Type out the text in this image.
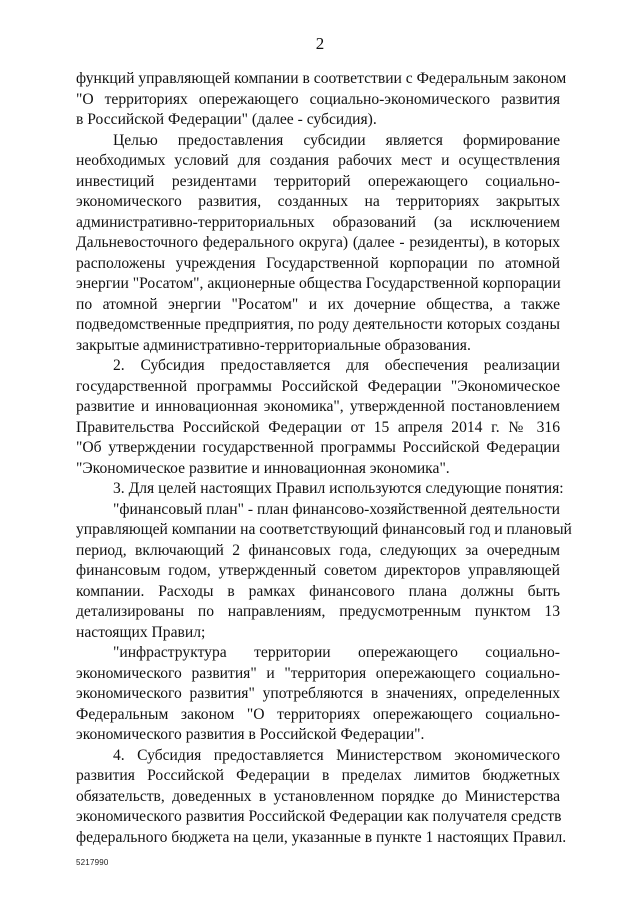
2
функций управляющей компании в соответствии с Федеральным законом
"О территориях опережающего социально-экономического развития
в Российской Федерации" (далее - субсидия).
Целью предоставления субсидии является формирование
необходимых условий для создания рабочих мест и осуществления
инвестиций резидентами территорий опережающего социально-
экономического развития, созданных на территориях закрытых
административно-территориальных образований (за исключением
Дальневосточного федерального округа) (далее - резиденты), в которых
расположены учреждения Государственной корпорации по атомной
энергии "Росатом", акционерные общества Государственной корпорации
по атомной энергии "Росатом" и их дочерние общества, а также
подведомственные предприятия, по роду деятельности которых созданы
закрытые административно-территориальные образования.
2. Субсидия предоставляется для обеспечения реализации
государственной программы Российской Федерации "Экономическое
развитие и инновационная экономика", утвержденной постановлением
Правительства Российской Федерации от 15 апреля 2014 г. № 316
"Об утверждении государственной программы Российской Федерации
"Экономическое развитие и инновационная экономика".
3. Для целей настоящих Правил используются следующие понятия:
"финансовый план" - план финансово-хозяйственной деятельности
управляющей компании на соответствующий финансовый год и плановый
период, включающий 2 финансовых года, следующих за очередным
финансовым годом, утвержденный советом директоров управляющей
компании. Расходы в рамках финансового плана должны быть
детализированы по направлениям, предусмотренным пунктом 13
настоящих Правил;
"инфраструктура территории опережающего социально-
экономического развития" и "территория опережающего социально-
экономического развития" употребляются в значениях, определенных
Федеральным законом "О территориях опережающего социально-
экономического развития в Российской Федерации".
4. Субсидия предоставляется Министерством экономического
развития Российской Федерации в пределах лимитов бюджетных
обязательств, доведенных в установленном порядке до Министерства
экономического развития Российской Федерации как получателя средств
федерального бюджета на цели, указанные в пункте 1 настоящих Правил.
5217990
